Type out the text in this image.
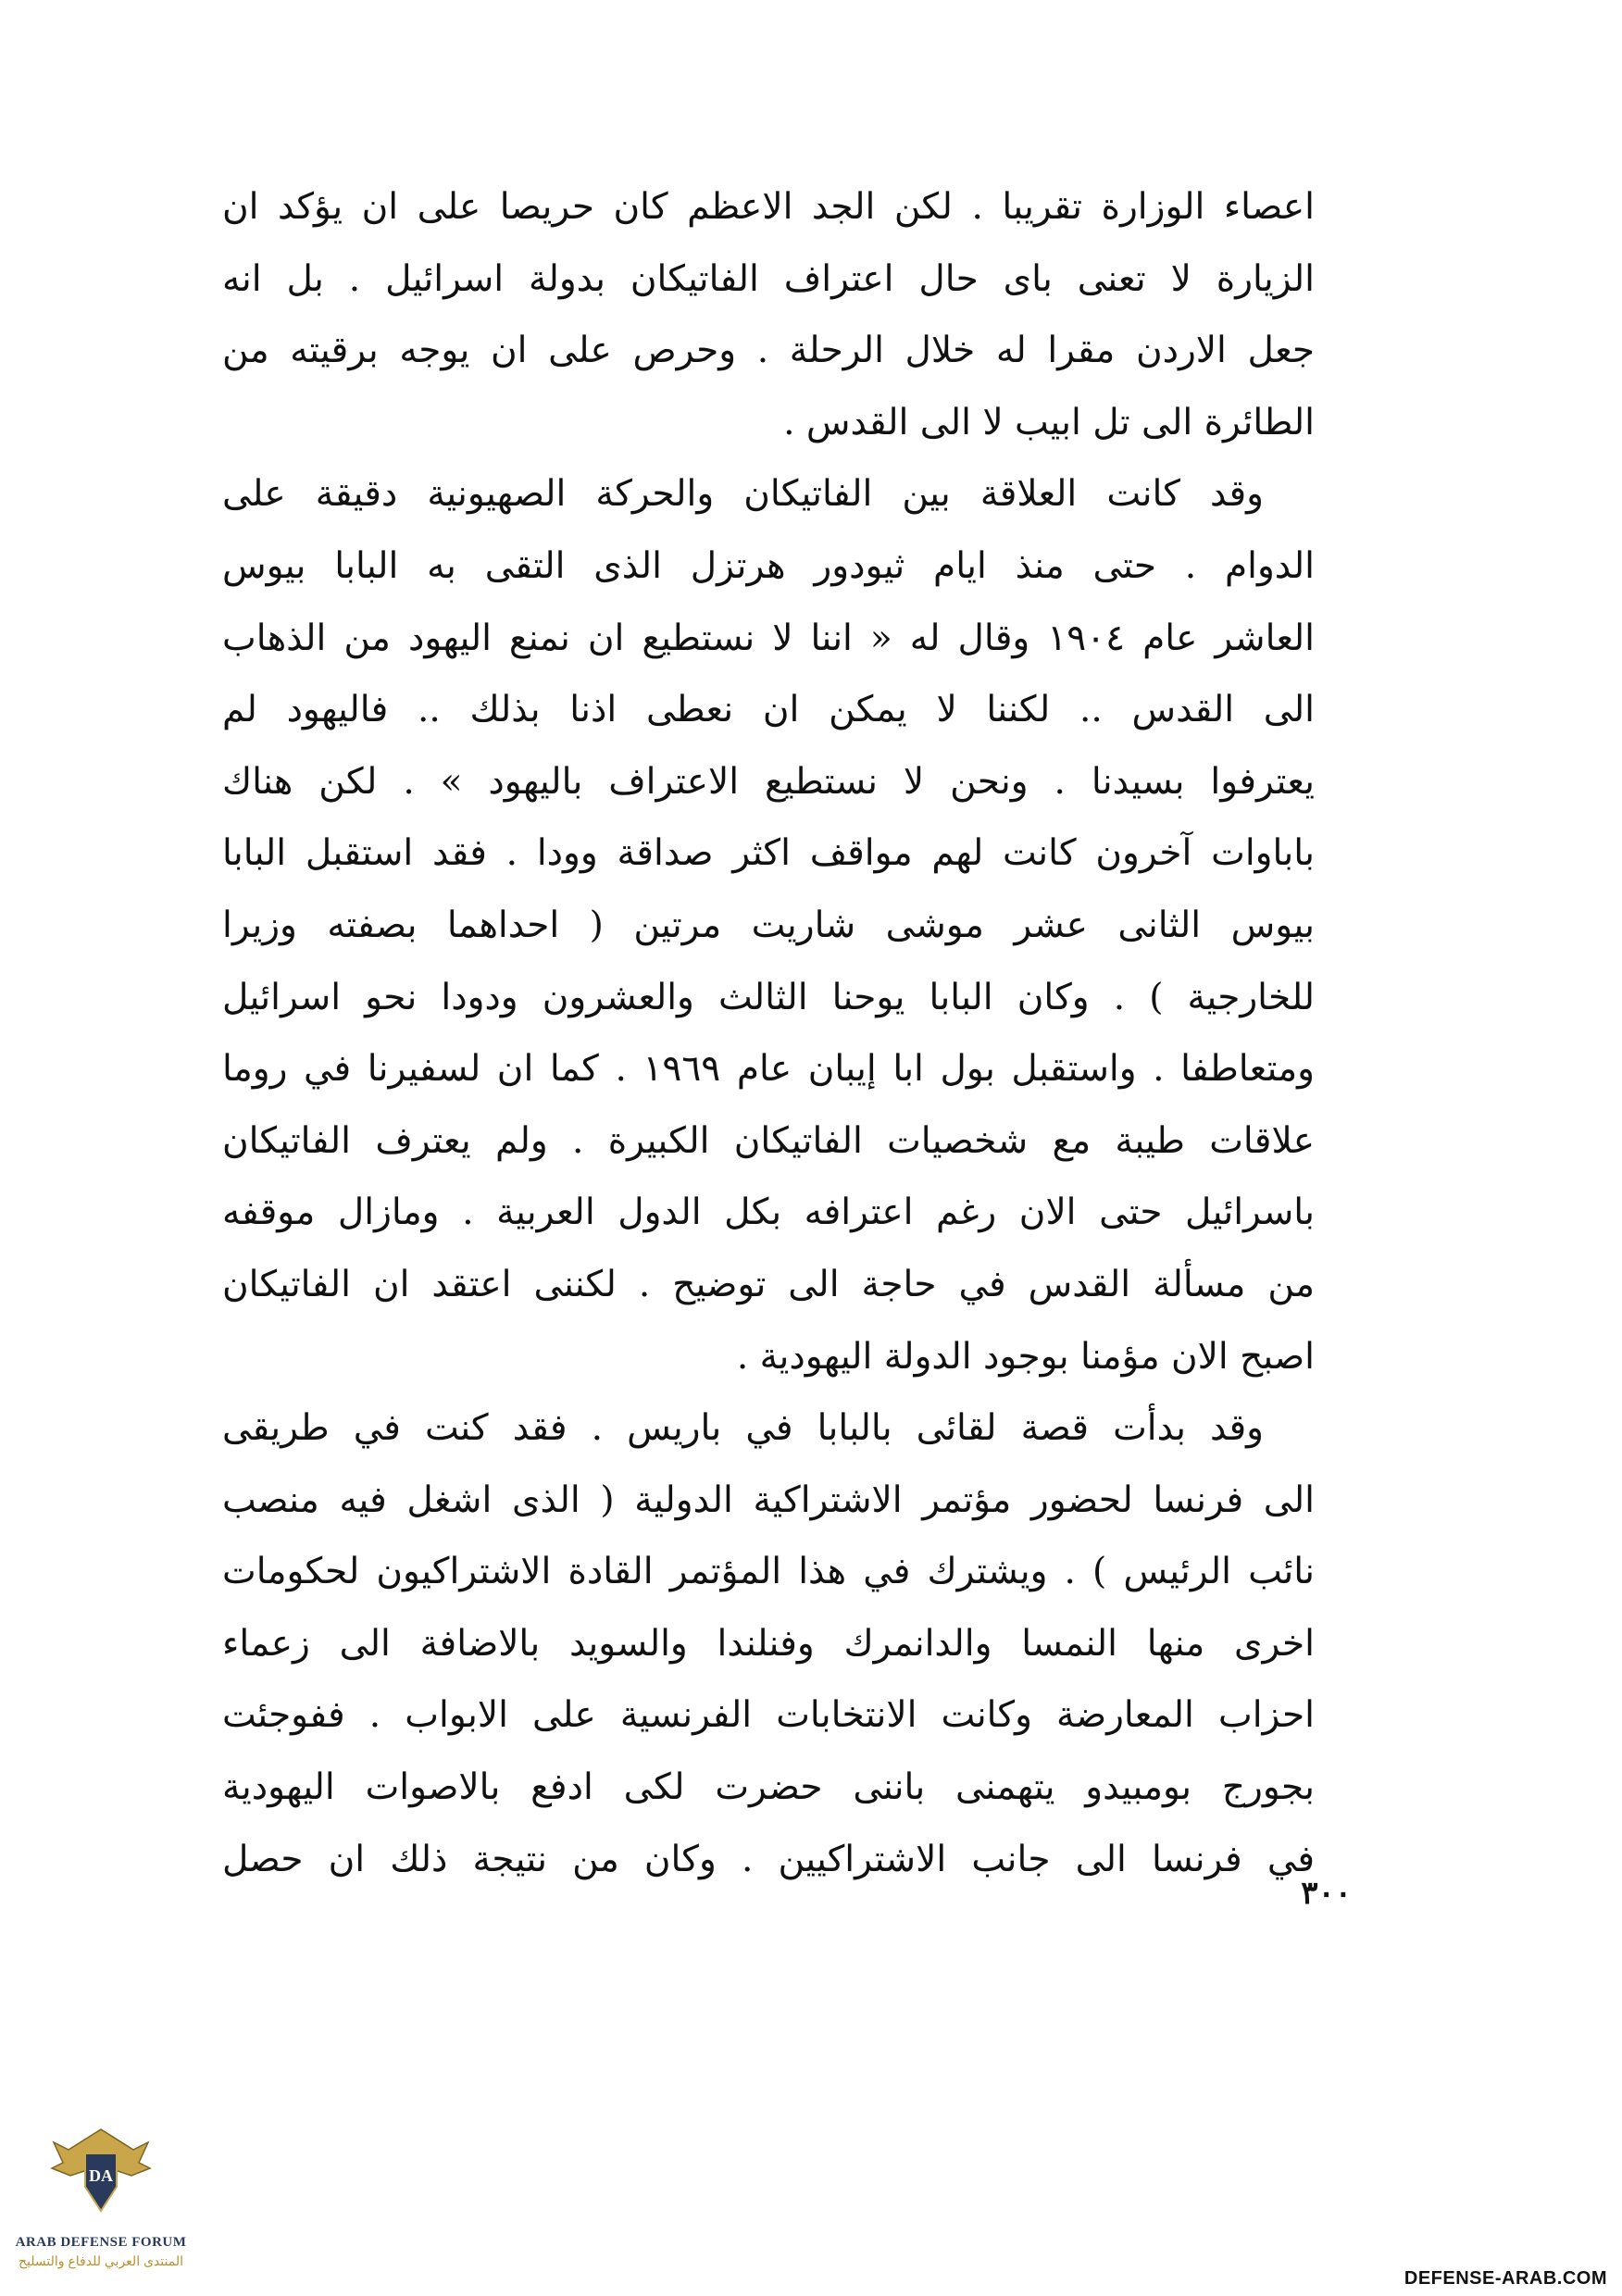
اعصاء الوزارة تقريبا . لكن الجد الاعظم كان حريصا على ان يؤكد ان
الزيارة لا تعنى باى حال اعتراف الفاتيكان بدولة اسرائيل . بل انه
جعل الاردن مقرا له خلال الرحلة . وحرص على ان يوجه برقيته من
الطائرة الى تل ابيب لا الى القدس .
وقد كانت العلاقة بين الفاتيكان والحركة الصهيونية دقيقة على
الدوام . حتى منذ ايام ثيودور هرتزل الذى التقى به البابا بيوس
العاشر عام ١٩٠٤ وقال له « اننا لا نستطيع ان نمنع اليهود من الذهاب
الى القدس .. لكننا لا يمكن ان نعطى اذنا بذلك .. فاليهود لم
يعترفوا بسيدنا . ونحن لا نستطيع الاعتراف باليهود » . لكن هناك
باباوات آخرون كانت لهم مواقف اكثر صداقة وودا . فقد استقبل البابا
بيوس الثانى عشر موشى شاريت مرتين ( احداهما بصفته وزيرا
للخارجية ) . وكان البابا يوحنا الثالث والعشرون ودودا نحو اسرائيل
ومتعاطفا . واستقبل بول ابا إيبان عام ١٩٦٩ . كما ان لسفيرنا في روما
علاقات طيبة مع شخصيات الفاتيكان الكبيرة . ولم يعترف الفاتيكان
باسرائيل حتى الان رغم اعترافه بكل الدول العربية . ومازال موقفه
من مسألة القدس في حاجة الى توضيح . لكننى اعتقد ان الفاتيكان
اصبح الان مؤمنا بوجود الدولة اليهودية .
وقد بدأت قصة لقائى بالبابا في باريس . فقد كنت في طريقى
الى فرنسا لحضور مؤتمر الاشتراكية الدولية ( الذى اشغل فيه منصب
نائب الرئيس ) . ويشترك في هذا المؤتمر القادة الاشتراكيون لحكومات
اخرى منها النمسا والدانمرك وفنلندا والسويد بالاضافة الى زعماء
احزاب المعارضة وكانت الانتخابات الفرنسية على الابواب . ففوجئت
بجورج بومبيدو يتهمنى باننى حضرت لكى ادفع بالاصوات اليهودية
في فرنسا الى جانب الاشتراكيين . وكان من نتيجة ذلك ان حصل
٣٠٠
DA
ARAB DEFENSE FORUM
المنتدى العربي للدفاع والتسليح
DEFENSE-ARAB.COM
